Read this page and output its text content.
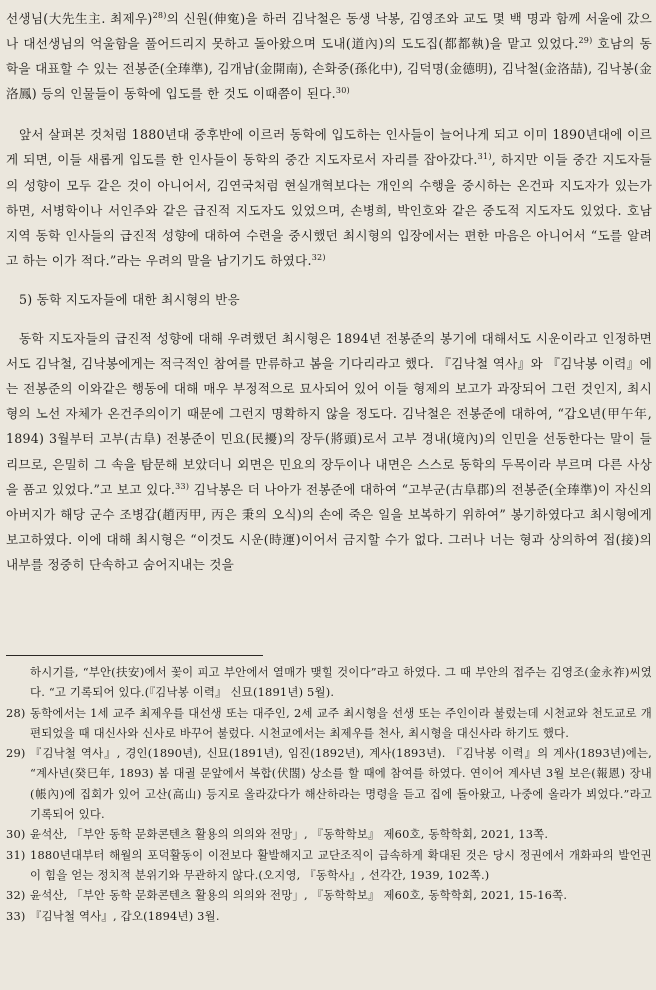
선생님(大先生主. 최제우)$^{28)}$의 신원(伸寃)을 하러 김낙철은 동생 낙봉, 김영조와 교도 몇 백 명과 함께 서울에 갔으나 대선생님의 억울함을 풀어드리지 못하고 돌아왔으며 도내(道內)의 도도집(都都執)을 맡고 있었다.$^{29)}$ 호남의 동학을 대표할 수 있는 전봉준(全琫準), 김개남(金開南), 손화중(孫化中), 김덕명(金德明), 김낙철(金洛喆), 김낙봉(金洛鳳) 등의 인물들이 동학에 입도를 한 것도 이때쯤이 된다.$^{30)}$

앞서 살펴본 것처럼 1880년대 중후반에 이르러 동학에 입도하는 인사들이 늘어나게 되고 이미 1890년대에 이르게 되면, 이들 새롭게 입도를 한 인사들이 동학의 중간 지도자로서 자리를 잡아갔다.$^{31)}$, 하지만 이들 중간 지도자들의 성향이 모두 같은 것이 아니어서, 김연국처럼 현실개혁보다는 개인의 수행을 중시하는 온건파 지도자가 있는가 하면, 서병학이나 서인주와 같은 급진적 지도자도 있었으며, 손병희, 박인호와 같은 중도적 지도자도 있었다. 호남 지역 동학 인사들의 급진적 성향에 대하여 수련을 중시했던 최시형의 입장에서는 편한 마음은 아니어서 “도를 알려고 하는 이가 적다.”라는 우려의 말을 남기기도 하였다.$^{32)}$

5) 동학 지도자들에 대한 최시형의 반응

동학 지도자들의 급진적 성향에 대해 우려했던 최시형은 1894년 전봉준의 봉기에 대해서도 시운이라고 인정하면서도 김낙철, 김낙봉에게는 적극적인 참여를 만류하고 봄을 기다리라고 했다. 『김낙철 역사』와 『김낙봉 이력』에는 전봉준의 이와같은 행동에 대해 매우 부정적으로 묘사되어 있어 이들 형제의 보고가 과장되어 그런 것인지, 최시형의 노선 자체가 온건주의이기 때문에 그런지 명확하지 않을 정도다. 김낙철은 전봉준에 대하여, “갑오년(甲午年, 1894) 3월부터 고부(古阜) 전봉준이 민요(民擾)의 장두(將頭)로서 고부 경내(境內)의 인민을 선동한다는 말이 들리므로, 은밀히 그 속을 탐문해 보았더니 외면은 민요의 장두이나 내면은 스스로 동학의 두목이라 부르며 다른 사상을 품고 있었다.”고 보고 있다.$^{33)}$ 김낙봉은 더 나아가 전봉준에 대하여 “고부군(古阜郡)의 전봉준(全琫準)이 자신의 아버지가 해당 군수 조병갑(趙丙甲, 丙은 秉의 오식)의 손에 죽은 일을 보복하기 위하여” 봉기하였다고 최시형에게 보고하였다. 이에 대해 최시형은 “이것도 시운(時運)이어서 금지할 수가 없다. 그러나 너는 형과 상의하여 접(接)의 내부를 정중히 단속하고 숨어지내는 것을

하시기를, “부안(扶安)에서 꽃이 피고 부안에서 열매가 맺힐 것이다”라고 하였다. 그 때 부안의 접주는 김영조(金永祚)씨였다. “고 기록되어 있다.(『김낙봉 이력』 신묘(1891년) 5월).

28) 동학에서는 1세 교주 최제우를 대선생 또는 대주인, 2세 교주 최시형을 선생 또는 주인이라 불렀는데 시천교와 천도교로 개편되었을 때 대신사와 신사로 바꾸어 불렀다. 시천교에서는 최제우를 천사, 최시형을 대신사라 하기도 했다.

29) 『김낙철 역사』, 경인(1890년), 신묘(1891년), 임진(1892년), 계사(1893년). 『김낙봉 이력』의 계사(1893년)에는, “계사년(癸巳年, 1893) 봄 대궐 문앞에서 복합(伏閤) 상소를 할 때에 참여를 하였다. 연이어 계사년 3월 보은(報恩) 장내(帳內)에 집회가 있어 고산(高山) 등지로 올라갔다가 해산하라는 명령을 듣고 집에 돌아왔고, 나중에 올라가 뵈었다.”라고 기록되어 있다.

30) 윤석산, 「부안 동학 문화콘텐츠 활용의 의의와 전망」, 『동학학보』 제60호, 동학학회, 2021, 13쪽.

31) 1880년대부터 해월의 포덕활동이 이전보다 활발해지고 교단조직이 급속하게 확대된 것은 당시 정권에서 개화파의 발언권이 힘을 얻는 정치적 분위기와 무관하지 않다.(오지영, 『동학사』, 선각간, 1939, 102쪽.)

32) 윤석산, 「부안 동학 문화콘텐츠 활용의 의의와 전망」, 『동학학보』 제60호, 동학학회, 2021, 15-16쪽.

33) 『김낙철 역사』, 갑오(1894년) 3월.
